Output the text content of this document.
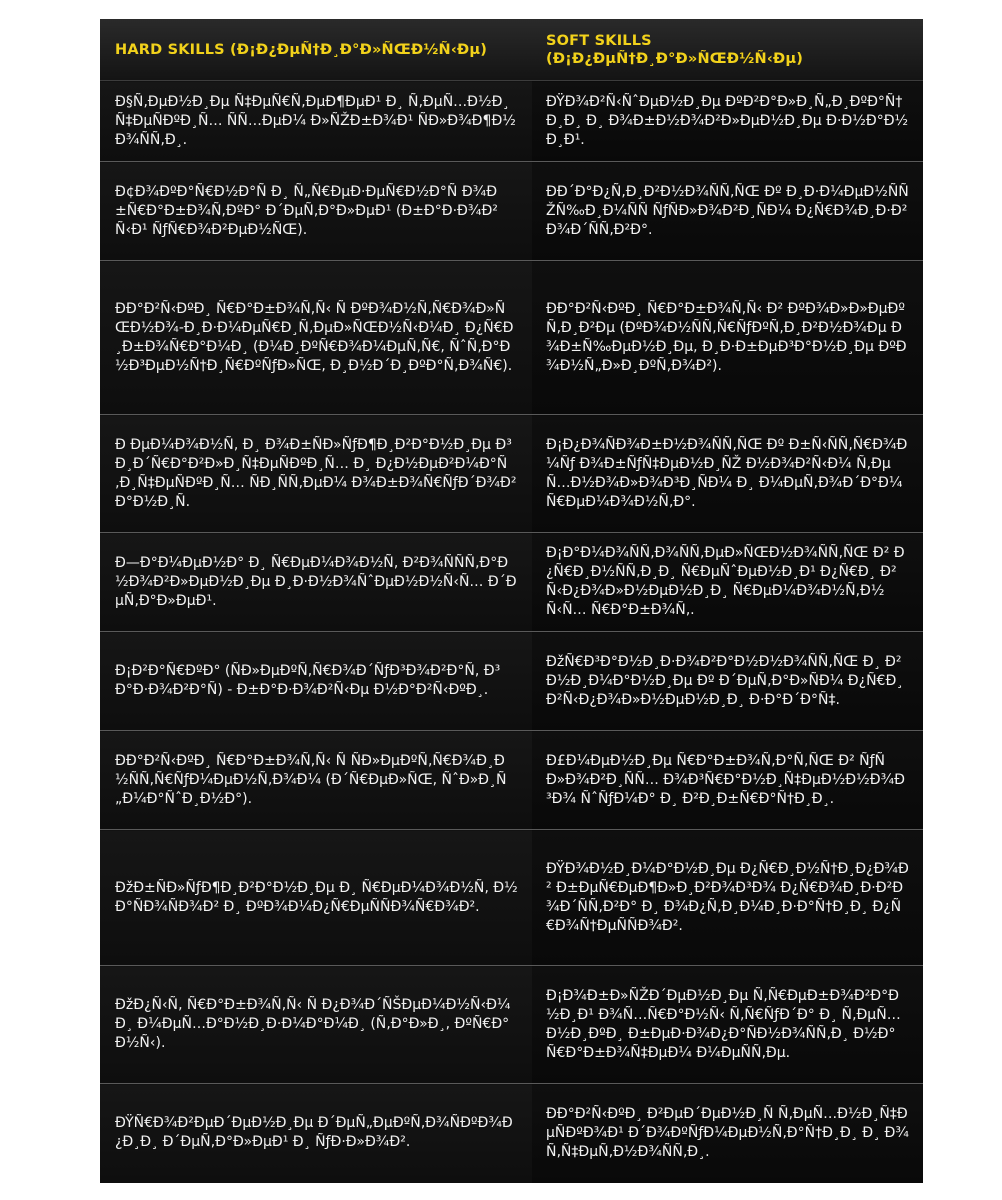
HARD SKILLS (Ð¡Ð¿ÐµÑ†Ð¸Ð°Ð»ÑŒÐ½Ñ‹Ðµ)	SOFT SKILLS (Ð¡Ð¿ÐµÑ†Ð¸Ð°Ð»ÑŒÐ½Ñ‹Ðµ)
Ð§Ñ‚ÐµÐ½Ð¸Ðµ Ñ‡ÐµÑ€Ñ‚ÐµÐ¶ÐµÐ¹ Ð¸ Ñ‚ÐµÑ…Ð½Ð¸Ñ‡ÐµÑÐºÐ¸Ñ… ÑÑ…ÐµÐ¼ Ð»ÑŽÐ±Ð¾Ð¹ ÑÐ»Ð¾Ð¶Ð½Ð¾ÑÑ‚Ð¸.	ÐŸÐ¾Ð²Ñ‹ÑˆÐµÐ½Ð¸Ðµ ÐºÐ²Ð°Ð»Ð¸Ñ„Ð¸ÐºÐ°Ñ†Ð¸Ð¸ Ð¸ Ð¾Ð±Ð½Ð¾Ð²Ð»ÐµÐ½Ð¸Ðµ Ð·Ð½Ð°Ð½Ð¸Ð¹.
Ð¢Ð¾ÐºÐ°Ñ€Ð½Ð°Ñ Ð¸ Ñ„Ñ€ÐµÐ·ÐµÑ€Ð½Ð°Ñ Ð¾Ð±Ñ€Ð°Ð±Ð¾Ñ‚ÐºÐ° Ð´ÐµÑ‚Ð°Ð»ÐµÐ¹ (Ð±Ð°Ð·Ð¾Ð²Ñ‹Ð¹ ÑƒÑ€Ð¾Ð²ÐµÐ½ÑŒ).	ÐÐ´Ð°Ð¿Ñ‚Ð¸Ð²Ð½Ð¾ÑÑ‚ÑŒ Ðº Ð¸Ð·Ð¼ÐµÐ½ÑÑŽÑ‰Ð¸Ð¼ÑÑ ÑƒÑÐ»Ð¾Ð²Ð¸ÑÐ¼ Ð¿Ñ€Ð¾Ð¸Ð·Ð²Ð¾Ð´ÑÑ‚Ð²Ð°.
ÐÐ°Ð²Ñ‹ÐºÐ¸ Ñ€Ð°Ð±Ð¾Ñ‚Ñ‹ Ñ ÐºÐ¾Ð½Ñ‚Ñ€Ð¾Ð»ÑŒÐ½Ð¾-Ð¸Ð·Ð¼ÐµÑ€Ð¸Ñ‚ÐµÐ»ÑŒÐ½Ñ‹Ð¼Ð¸ Ð¿Ñ€Ð¸Ð±Ð¾Ñ€Ð°Ð¼Ð¸ (Ð¼Ð¸ÐºÑ€Ð¾Ð¼ÐµÑ‚Ñ€, ÑˆÑ‚Ð°Ð½Ð³ÐµÐ½Ñ†Ð¸Ñ€ÐºÑƒÐ»ÑŒ, Ð¸Ð½Ð´Ð¸ÐºÐ°Ñ‚Ð¾Ñ€).	ÐÐ°Ð²Ñ‹ÐºÐ¸ Ñ€Ð°Ð±Ð¾Ñ‚Ñ‹ Ð² ÐºÐ¾Ð»Ð»ÐµÐºÑ‚Ð¸Ð²Ðµ (ÐºÐ¾Ð½ÑÑ‚Ñ€ÑƒÐºÑ‚Ð¸Ð²Ð½Ð¾Ðµ Ð¾Ð±Ñ‰ÐµÐ½Ð¸Ðµ, Ð¸Ð·Ð±ÐµÐ³Ð°Ð½Ð¸Ðµ ÐºÐ¾Ð½Ñ„Ð»Ð¸ÐºÑ‚Ð¾Ð²).
Ð ÐµÐ¼Ð¾Ð½Ñ‚ Ð¸ Ð¾Ð±ÑÐ»ÑƒÐ¶Ð¸Ð²Ð°Ð½Ð¸Ðµ Ð³Ð¸Ð´Ñ€Ð°Ð²Ð»Ð¸Ñ‡ÐµÑÐºÐ¸Ñ… Ð¸ Ð¿Ð½ÐµÐ²Ð¼Ð°Ñ‚Ð¸Ñ‡ÐµÑÐºÐ¸Ñ… ÑÐ¸ÑÑ‚ÐµÐ¼ Ð¾Ð±Ð¾Ñ€ÑƒÐ´Ð¾Ð²Ð°Ð½Ð¸Ñ.	Ð¡Ð¿Ð¾ÑÐ¾Ð±Ð½Ð¾ÑÑ‚ÑŒ Ðº Ð±Ñ‹ÑÑ‚Ñ€Ð¾Ð¼Ñƒ Ð¾Ð±ÑƒÑ‡ÐµÐ½Ð¸ÑŽ Ð½Ð¾Ð²Ñ‹Ð¼ Ñ‚ÐµÑ…Ð½Ð¾Ð»Ð¾Ð³Ð¸ÑÐ¼ Ð¸ Ð¼ÐµÑ‚Ð¾Ð´Ð°Ð¼ Ñ€ÐµÐ¼Ð¾Ð½Ñ‚Ð°.
Ð—Ð°Ð¼ÐµÐ½Ð° Ð¸ Ñ€ÐµÐ¼Ð¾Ð½Ñ‚ Ð²Ð¾ÑÑÑ‚Ð°Ð½Ð¾Ð²Ð»ÐµÐ½Ð¸Ðµ Ð¸Ð·Ð½Ð¾ÑˆÐµÐ½Ð½Ñ‹Ñ… Ð´ÐµÑ‚Ð°Ð»ÐµÐ¹.	Ð¡Ð°Ð¼Ð¾ÑÑ‚Ð¾ÑÑ‚ÐµÐ»ÑŒÐ½Ð¾ÑÑ‚ÑŒ Ð² Ð¿Ñ€Ð¸Ð½ÑÑ‚Ð¸Ð¸ Ñ€ÐµÑˆÐµÐ½Ð¸Ð¹ Ð¿Ñ€Ð¸ Ð²Ñ‹Ð¿Ð¾Ð»Ð½ÐµÐ½Ð¸Ð¸ Ñ€ÐµÐ¼Ð¾Ð½Ñ‚Ð½Ñ‹Ñ… Ñ€Ð°Ð±Ð¾Ñ‚.
Ð¡Ð²Ð°Ñ€ÐºÐ° (ÑÐ»ÐµÐºÑ‚Ñ€Ð¾Ð´ÑƒÐ³Ð¾Ð²Ð°Ñ, Ð³Ð°Ð·Ð¾Ð²Ð°Ñ) - Ð±Ð°Ð·Ð¾Ð²Ñ‹Ðµ Ð½Ð°Ð²Ñ‹ÐºÐ¸.	ÐžÑ€Ð³Ð°Ð½Ð¸Ð·Ð¾Ð²Ð°Ð½Ð½Ð¾ÑÑ‚ÑŒ Ð¸ Ð²Ð½Ð¸Ð¼Ð°Ð½Ð¸Ðµ Ðº Ð´ÐµÑ‚Ð°Ð»ÑÐ¼ Ð¿Ñ€Ð¸ Ð²Ñ‹Ð¿Ð¾Ð»Ð½ÐµÐ½Ð¸Ð¸ Ð·Ð°Ð´Ð°Ñ‡.
ÐÐ°Ð²Ñ‹ÐºÐ¸ Ñ€Ð°Ð±Ð¾Ñ‚Ñ‹ Ñ ÑÐ»ÐµÐºÑ‚Ñ€Ð¾Ð¸Ð½ÑÑ‚Ñ€ÑƒÐ¼ÐµÐ½Ñ‚Ð¾Ð¼ (Ð´Ñ€ÐµÐ»ÑŒ, ÑˆÐ»Ð¸Ñ„Ð¼Ð°ÑˆÐ¸Ð½Ð°).	Ð£Ð¼ÐµÐ½Ð¸Ðµ Ñ€Ð°Ð±Ð¾Ñ‚Ð°Ñ‚ÑŒ Ð² ÑƒÑÐ»Ð¾Ð²Ð¸ÑÑ… Ð¾Ð³Ñ€Ð°Ð½Ð¸Ñ‡ÐµÐ½Ð½Ð¾Ð³Ð¾ ÑˆÑƒÐ¼Ð° Ð¸ Ð²Ð¸Ð±Ñ€Ð°Ñ†Ð¸Ð¸.
ÐžÐ±ÑÐ»ÑƒÐ¶Ð¸Ð²Ð°Ð½Ð¸Ðµ Ð¸ Ñ€ÐµÐ¼Ð¾Ð½Ñ‚ Ð½Ð°ÑÐ¾ÑÐ¾Ð² Ð¸ ÐºÐ¾Ð¼Ð¿Ñ€ÐµÑÑÐ¾Ñ€Ð¾Ð².	ÐŸÐ¾Ð½Ð¸Ð¼Ð°Ð½Ð¸Ðµ Ð¿Ñ€Ð¸Ð½Ñ†Ð¸Ð¿Ð¾Ð² Ð±ÐµÑ€ÐµÐ¶Ð»Ð¸Ð²Ð¾Ð³Ð¾ Ð¿Ñ€Ð¾Ð¸Ð·Ð²Ð¾Ð´ÑÑ‚Ð²Ð° Ð¸ Ð¾Ð¿Ñ‚Ð¸Ð¼Ð¸Ð·Ð°Ñ†Ð¸Ð¸ Ð¿Ñ€Ð¾Ñ†ÐµÑÑÐ¾Ð².
ÐžÐ¿Ñ‹Ñ‚ Ñ€Ð°Ð±Ð¾Ñ‚Ñ‹ Ñ Ð¿Ð¾Ð´ÑŠÐµÐ¼Ð½Ñ‹Ð¼Ð¸ Ð¼ÐµÑ…Ð°Ð½Ð¸Ð·Ð¼Ð°Ð¼Ð¸ (Ñ‚Ð°Ð»Ð¸, ÐºÑ€Ð°Ð½Ñ‹).	Ð¡Ð¾Ð±Ð»ÑŽÐ´ÐµÐ½Ð¸Ðµ Ñ‚Ñ€ÐµÐ±Ð¾Ð²Ð°Ð½Ð¸Ð¹ Ð¾Ñ…Ñ€Ð°Ð½Ñ‹ Ñ‚Ñ€ÑƒÐ´Ð° Ð¸ Ñ‚ÐµÑ…Ð½Ð¸ÐºÐ¸ Ð±ÐµÐ·Ð¾Ð¿Ð°ÑÐ½Ð¾ÑÑ‚Ð¸ Ð½Ð° Ñ€Ð°Ð±Ð¾Ñ‡ÐµÐ¼ Ð¼ÐµÑÑ‚Ðµ.
ÐŸÑ€Ð¾Ð²ÐµÐ´ÐµÐ½Ð¸Ðµ Ð´ÐµÑ„ÐµÐºÑ‚Ð¾ÑÐºÐ¾Ð¿Ð¸Ð¸ Ð´ÐµÑ‚Ð°Ð»ÐµÐ¹ Ð¸ ÑƒÐ·Ð»Ð¾Ð².	ÐÐ°Ð²Ñ‹ÐºÐ¸ Ð²ÐµÐ´ÐµÐ½Ð¸Ñ Ñ‚ÐµÑ…Ð½Ð¸Ñ‡ÐµÑÐºÐ¾Ð¹ Ð´Ð¾ÐºÑƒÐ¼ÐµÐ½Ñ‚Ð°Ñ†Ð¸Ð¸ Ð¸ Ð¾Ñ‚Ñ‡ÐµÑ‚Ð½Ð¾ÑÑ‚Ð¸.
